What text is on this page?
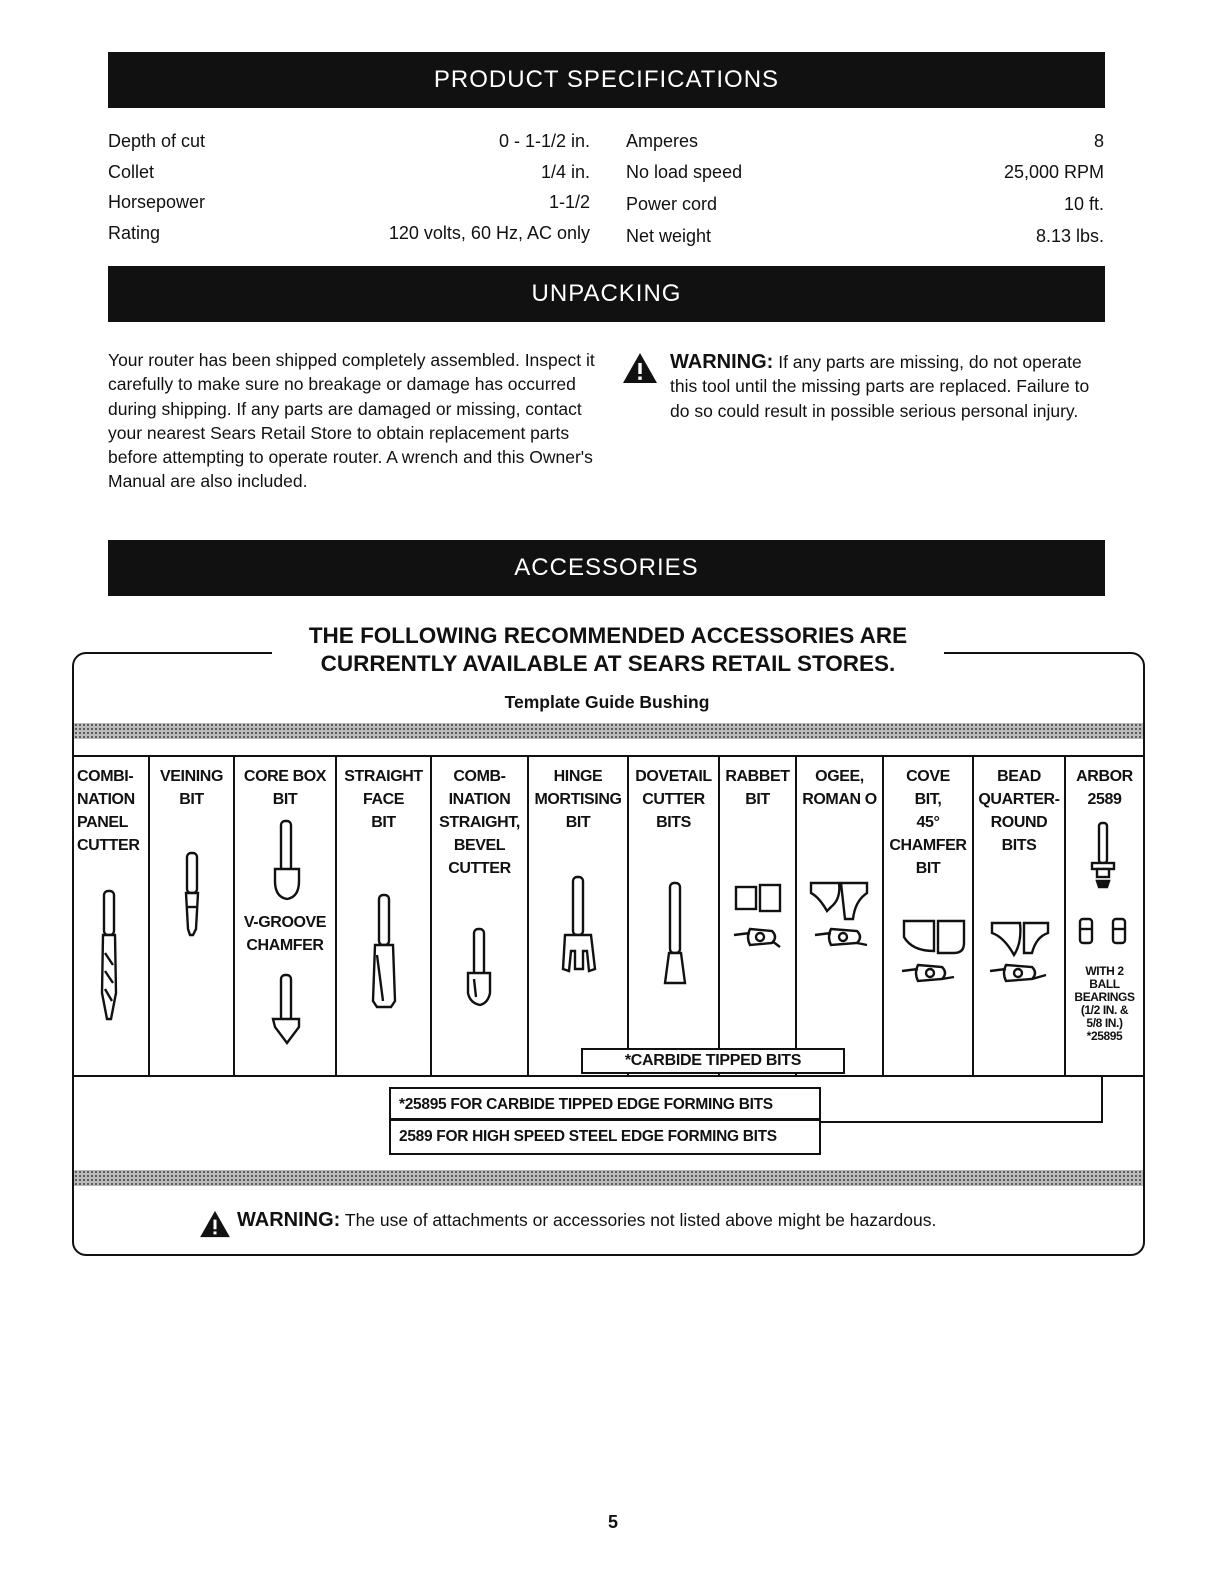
PRODUCT SPECIFICATIONS
UNPACKING
ACCESSORIES
Depth of cut	0 - 1-1/2 in.
Collet	1/4 in.
Horsepower	1-1/2
Rating	120 volts, 60 Hz, AC only
Amperes	8
No load speed	25,000 RPM
Power cord	10 ft.
Net weight	8.13 lbs.

Your router has been shipped completely assembled. Inspect it carefully to make sure no breakage or damage has occurred during shipping. If any parts are damaged or missing, contact your nearest Sears Retail Store to obtain replacement parts before attempting to operate router. A wrench and this Owner's Manual are also included.

WARNING: If any parts are missing, do not operate this tool until the missing parts are replaced. Failure to do so could result in possible serious personal injury.

THE FOLLOWING RECOMMENDED ACCESSORIES ARE CURRENTLY AVAILABLE AT SEARS RETAIL STORES.
Template Guide Bushing
COMBI-
NATION
PANEL
CUTTER
VEINING
BIT
CORE BOX
BIT
V-GROOVE
CHAMFER
STRAIGHT
FACE
BIT
COMB-
INATION
STRAIGHT,
BEVEL
CUTTER
HINGE
MORTISING
BIT
DOVETAIL
CUTTER
BITS
RABBET
BIT
OGEE,
ROMAN O
COVE
BIT,
45°
CHAMFER
BIT
BEAD
QUARTER-
ROUND
BITS
ARBOR
2589
WITH 2
BALL
BEARINGS
(1/2 IN. &
5/8 IN.)
*25895
*CARBIDE TIPPED BITS
*25895 FOR CARBIDE TIPPED EDGE FORMING BITS
2589 FOR HIGH SPEED STEEL EDGE FORMING BITS
WARNING: The use of attachments or accessories not listed above might be hazardous.
5
